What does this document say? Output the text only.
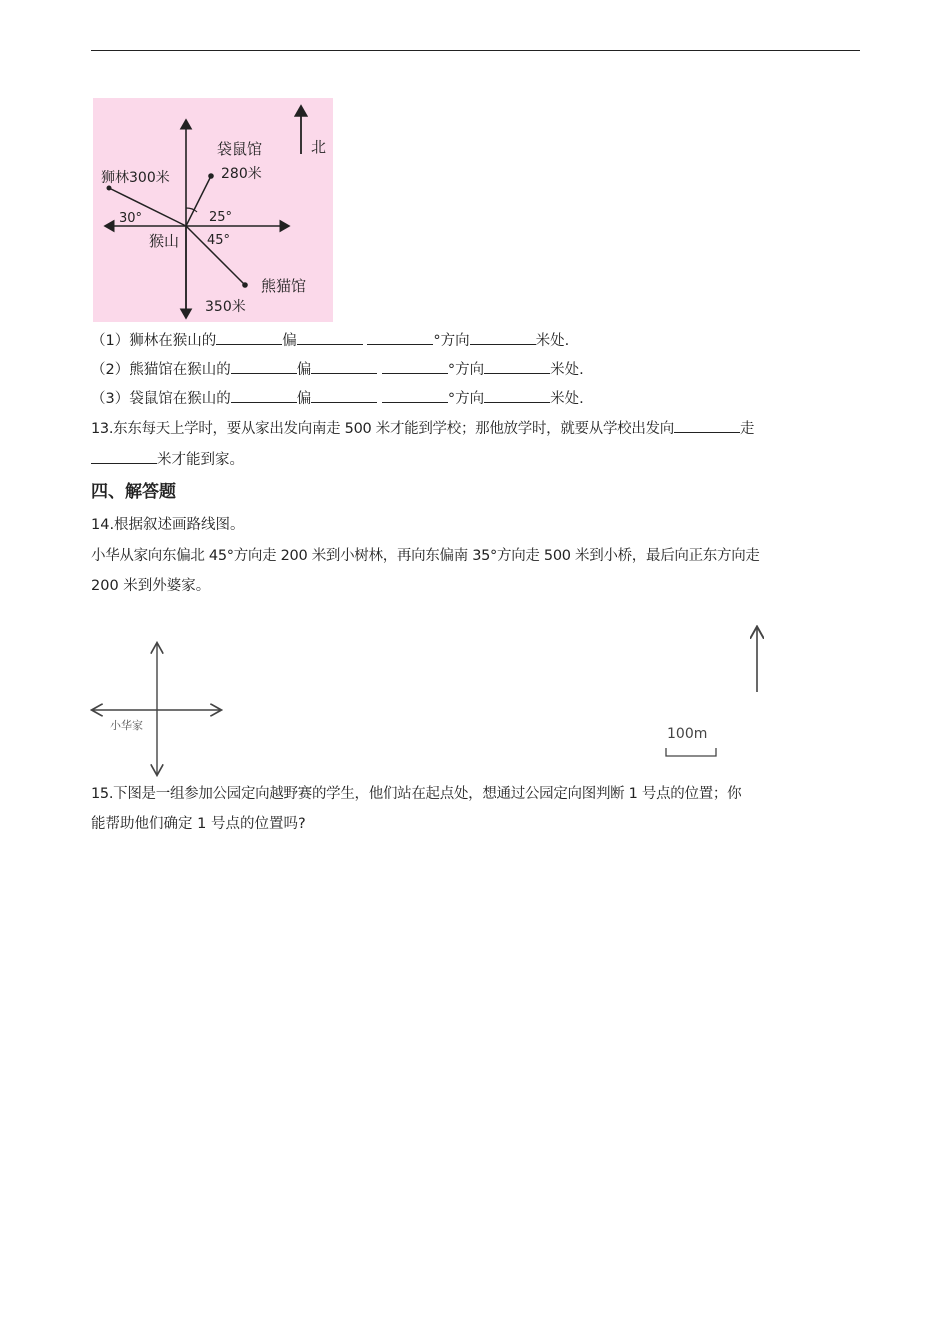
北
袋鼠馆
280米
狮林300米
30°	25°
猴山 45°
熊猫馆
350米
（1）狮林在猴山的	偏	°方向	米处.
（2）熊猫馆在猴山的	偏	°方向	米处.
（3）袋鼠馆在猴山的	偏	°方向	米处.
13.东东每天上学时，要从家出发向南走 500 米才能到学校；那他放学时，就要从学校出发向	走
米才能到家。
四、解答题
14.根据叙述画路线图。
小华从家向东偏北 45°方向走 200 米到小树林，再向东偏南 35°方向走 500 米到小桥，最后向正东方向走
200 米到外婆家。
小华家
100m
15.下图是一组参加公园定向越野赛的学生，他们站在起点处，想通过公园定向图判断 1 号点的位置；你
能帮助他们确定 1 号点的位置吗?
